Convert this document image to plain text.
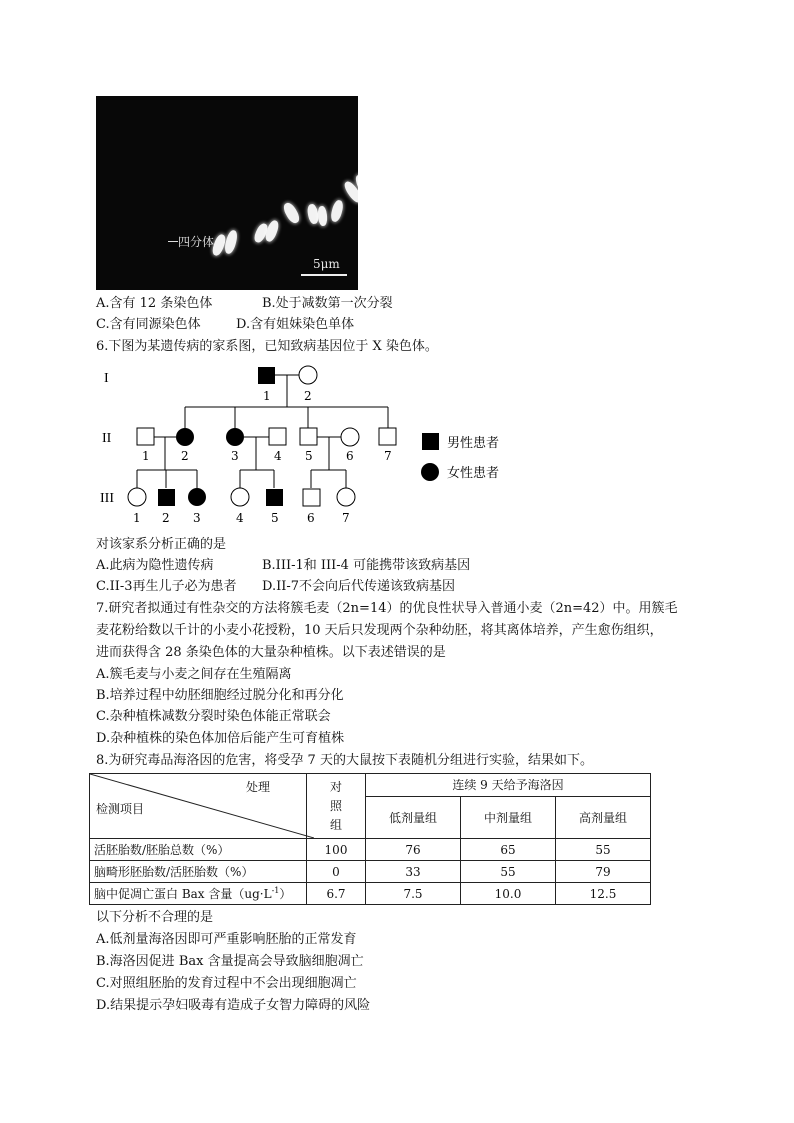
四分体
5μm
A.含有 12 条染色体	B.处于减数第一次分裂
C.含有同源染色体	D.含有姐妹染色单体
6.下图为某遗传病的家系图，已知致病基因位于 X 染色体。
I
II
III
1	2
1	2	3	4 5	6	7
1 2 3	4 5 6 7
男性患者
女性患者
对该家系分析正确的是
A.此病为隐性遗传病	B.III-1和 III-4 可能携带该致病基因
C.II-3再生儿子必为患者 D.II-7不会向后代传递该致病基因
7.研究者拟通过有性杂交的方法将簇毛麦（2n=14）的优良性状导入普通小麦（2n=42）中。用簇毛
麦花粉给数以千计的小麦小花授粉，10 天后只发现两个杂种幼胚，将其离体培养，产生愈伤组织，
进而获得含 28 条染色体的大量杂种植株。以下表述错误的是
A.簇毛麦与小麦之间存在生殖隔离
B.培养过程中幼胚细胞经过脱分化和再分化
C.杂种植株减数分裂时染色体能正常联会
D.杂种植株的染色体加倍后能产生可育植株
8.为研究毒品海洛因的危害，将受孕 7 天的大鼠按下表随机分组进行实验，结果如下。
处理
检测项目	对
照
组	连续 9 天给予海洛因		
		低剂量组	中剂量组	高剂量组
活胚胎数/胚胎总数（%）	100	76	65	55
脑畸形胚胎数/活胚胎数（%）	0	33	55	79
脑中促凋亡蛋白 Bax 含量$(ug\cdot L^{-1})$	6.7	7.5	10.0	12.5
以下分析不合理的是
A.低剂量海洛因即可严重影响胚胎的正常发育
B.海洛因促进 Bax 含量提高会导致脑细胞凋亡
C.对照组胚胎的发育过程中不会出现细胞凋亡
D.结果提示孕妇吸毒有造成子女智力障碍的风险
